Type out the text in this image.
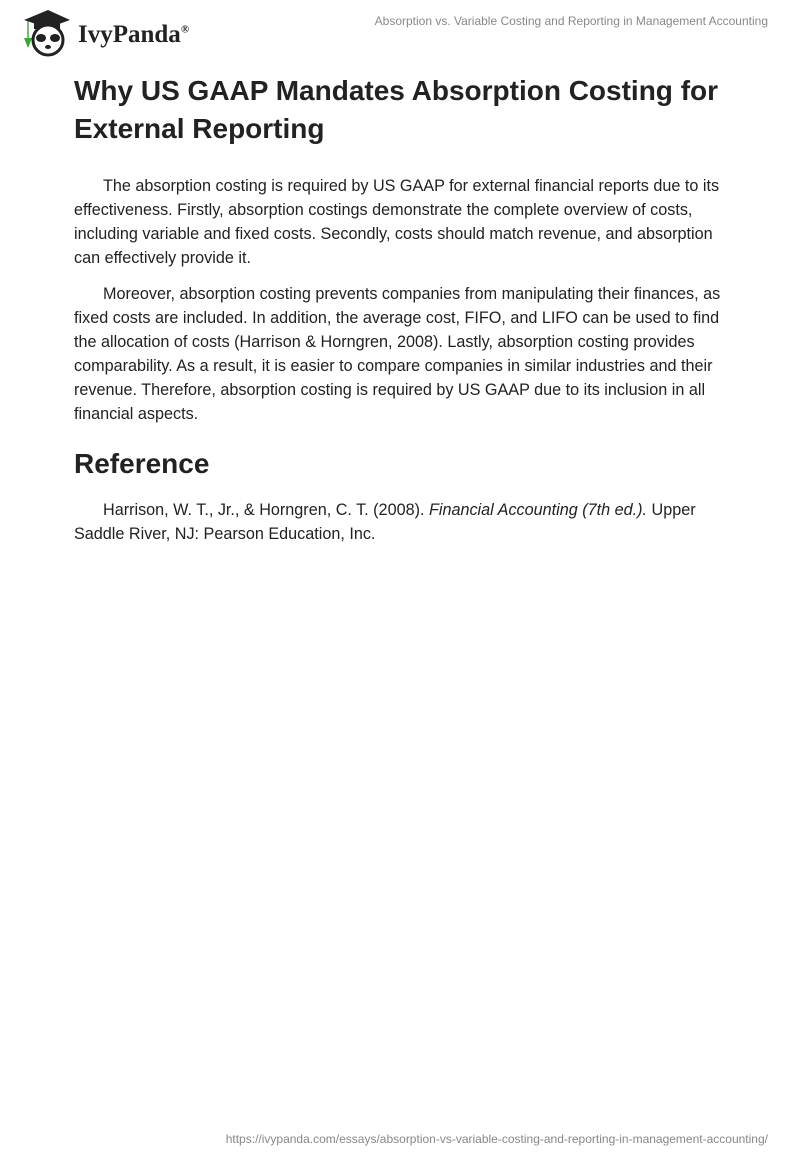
IvyPanda®
Absorption vs. Variable Costing and Reporting in Management Accounting
Why US GAAP Mandates Absorption Costing for External Reporting

The absorption costing is required by US GAAP for external financial reports due to its effectiveness. Firstly, absorption costings demonstrate the complete overview of costs, including variable and fixed costs. Secondly, costs should match revenue, and absorption can effectively provide it.

Moreover, absorption costing prevents companies from manipulating their finances, as fixed costs are included. In addition, the average cost, FIFO, and LIFO can be used to find the allocation of costs (Harrison & Horngren, 2008). Lastly, absorption costing provides comparability. As a result, it is easier to compare companies in similar industries and their revenue. Therefore, absorption costing is required by US GAAP due to its inclusion in all financial aspects.

Reference

Harrison, W. T., Jr., & Horngren, C. T. (2008). Financial Accounting (7th ed.). Upper Saddle River, NJ: Pearson Education, Inc.

https://ivypanda.com/essays/absorption-vs-variable-costing-and-reporting-in-management-accounting/
